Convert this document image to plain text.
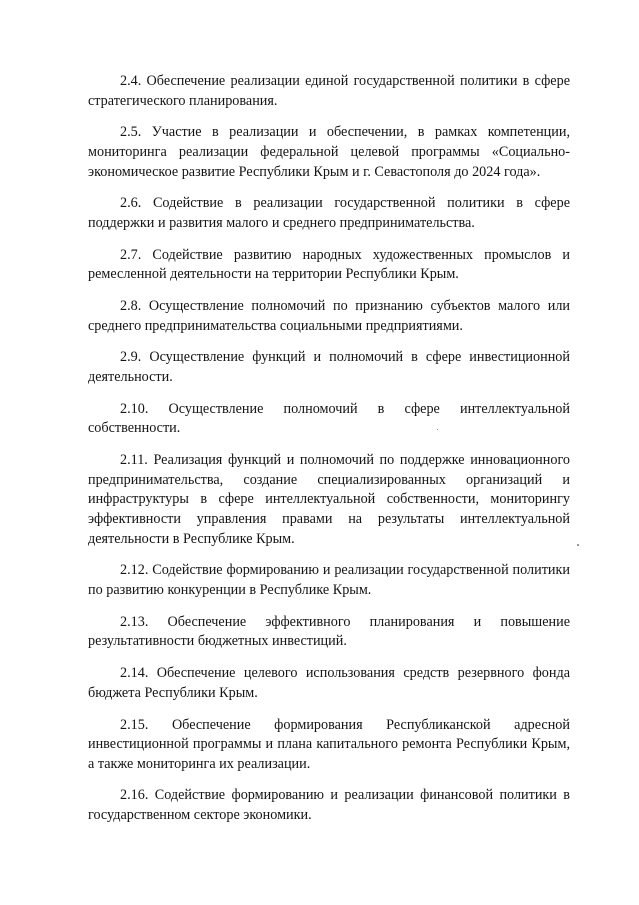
2.4. Обеспечение реализации единой государственной политики в сфере стратегического планирования.

2.5. Участие в реализации и обеспечении, в рамках компетенции, мониторинга реализации федеральной целевой программы «Социально-экономическое развитие Республики Крым и г. Севастополя до 2024 года».

2.6. Содействие в реализации государственной политики в сфере поддержки и развития малого и среднего предпринимательства.

2.7. Содействие развитию народных художественных промыслов и ремесленной деятельности на территории Республики Крым.

2.8. Осуществление полномочий по признанию субъектов малого или среднего предпринимательства социальными предприятиями.

2.9. Осуществление функций и полномочий в сфере инвестиционной деятельности.

2.10. Осуществление полномочий в сфере интеллектуальной собственности.

2.11. Реализация функций и полномочий по поддержке инновационного предпринимательства, создание специализированных организаций и инфраструктуры в сфере интеллектуальной собственности, мониторингу эффективности управления правами на результаты интеллектуальной деятельности в Республике Крым.

2.12. Содействие формированию и реализации государственной политики по развитию конкуренции в Республике Крым.

2.13. Обеспечение эффективного планирования и повышение результативности бюджетных инвестиций.

2.14. Обеспечение целевого использования средств резервного фонда бюджета Республики Крым.

2.15. Обеспечение формирования Республиканской адресной инвестиционной программы и плана капитального ремонта Республики Крым, а также мониторинга их реализации.

2.16. Содействие формированию и реализации финансовой политики в государственном секторе экономики.
